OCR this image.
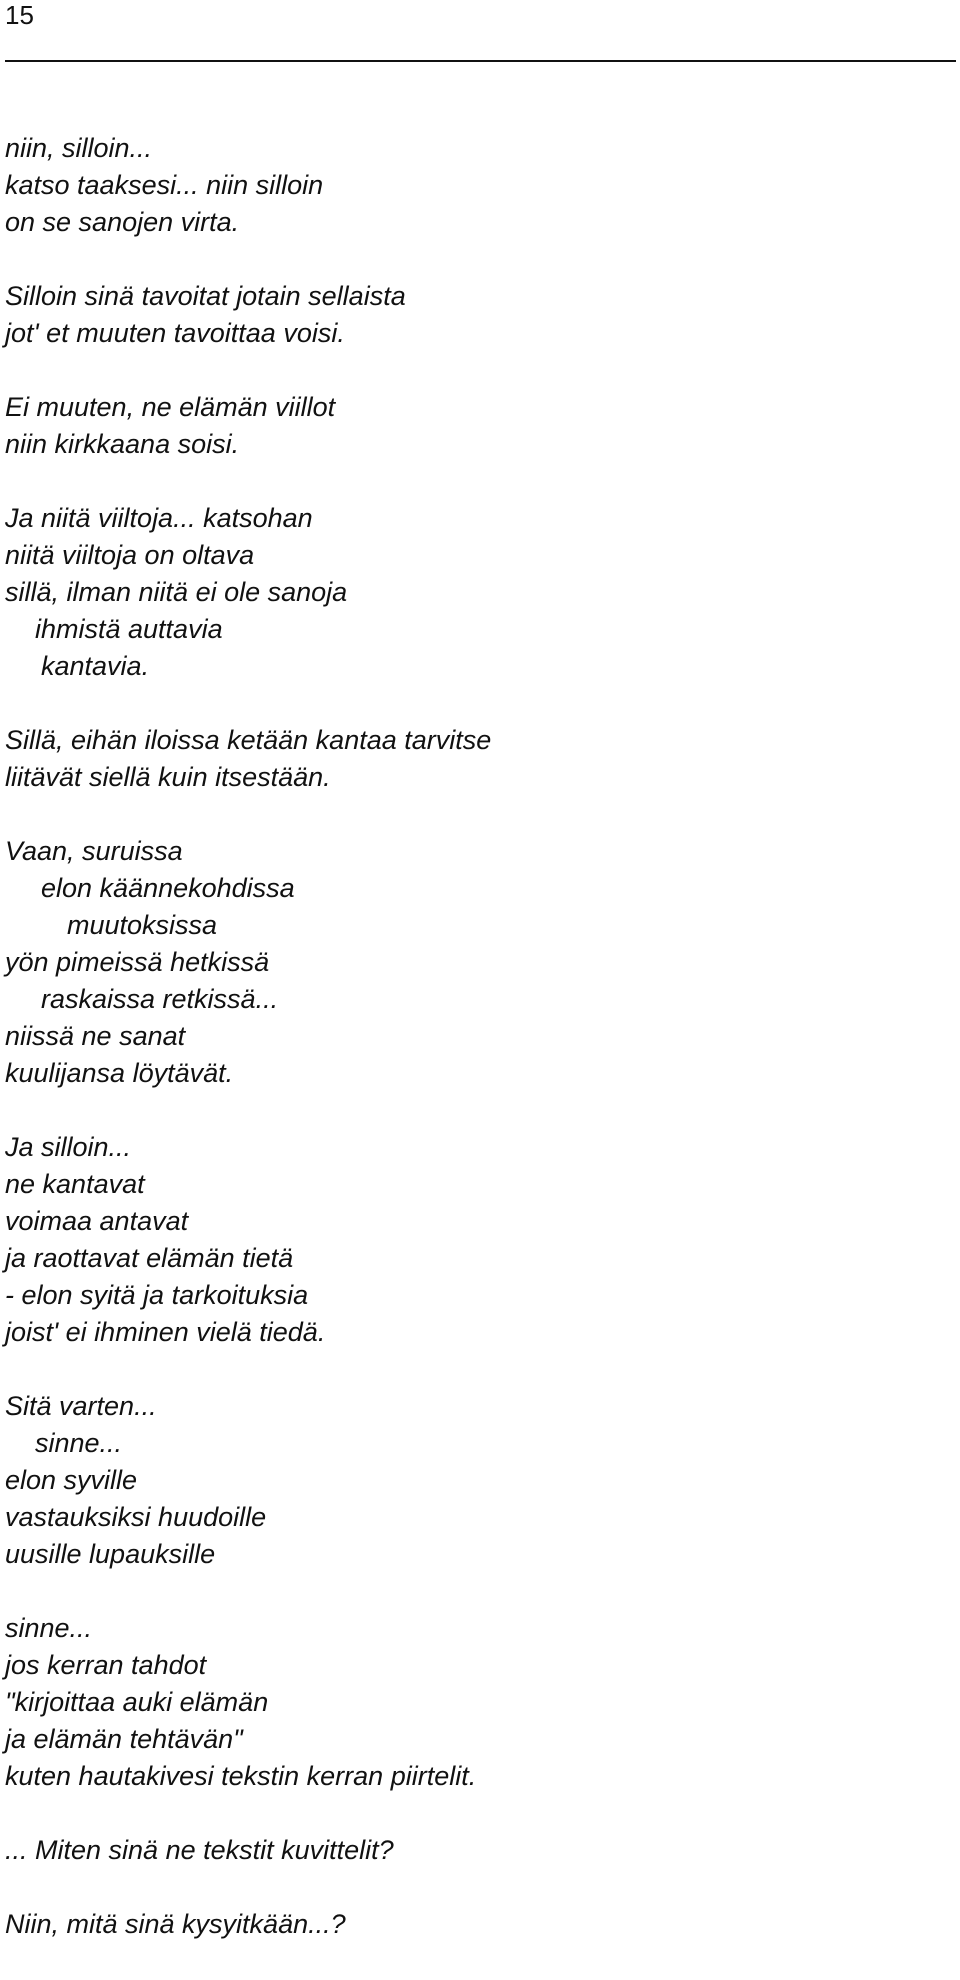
15
niin, silloin...
katso taaksesi... niin silloin
on se sanojen virta.
Silloin sinä tavoitat jotain sellaista
jot' et muuten tavoittaa voisi.
Ei muuten, ne elämän viillot
niin kirkkaana soisi.
Ja niitä viiltoja... katsohan
niitä viiltoja on oltava
sillä, ilman niitä ei ole sanoja
ihmistä auttavia
kantavia.
Sillä, eihän iloissa ketään kantaa tarvitse
liitävät siellä kuin itsestään.
Vaan, suruissa
elon käännekohdissa
muutoksissa
yön pimeissä hetkissä
raskaissa retkissä...
niissä ne sanat
kuulijansa löytävät.
Ja silloin...
ne kantavat
voimaa antavat
ja raottavat elämän tietä
- elon syitä ja tarkoituksia
joist' ei ihminen vielä tiedä.
Sitä varten...
sinne...
elon syville
vastauksiksi huudoille
uusille lupauksille
sinne...
jos kerran tahdot
"kirjoittaa auki elämän
ja elämän tehtävän"
kuten hautakivesi tekstin kerran piirtelit.
... Miten sinä ne tekstit kuvittelit?
Niin, mitä sinä kysyitkään...?
